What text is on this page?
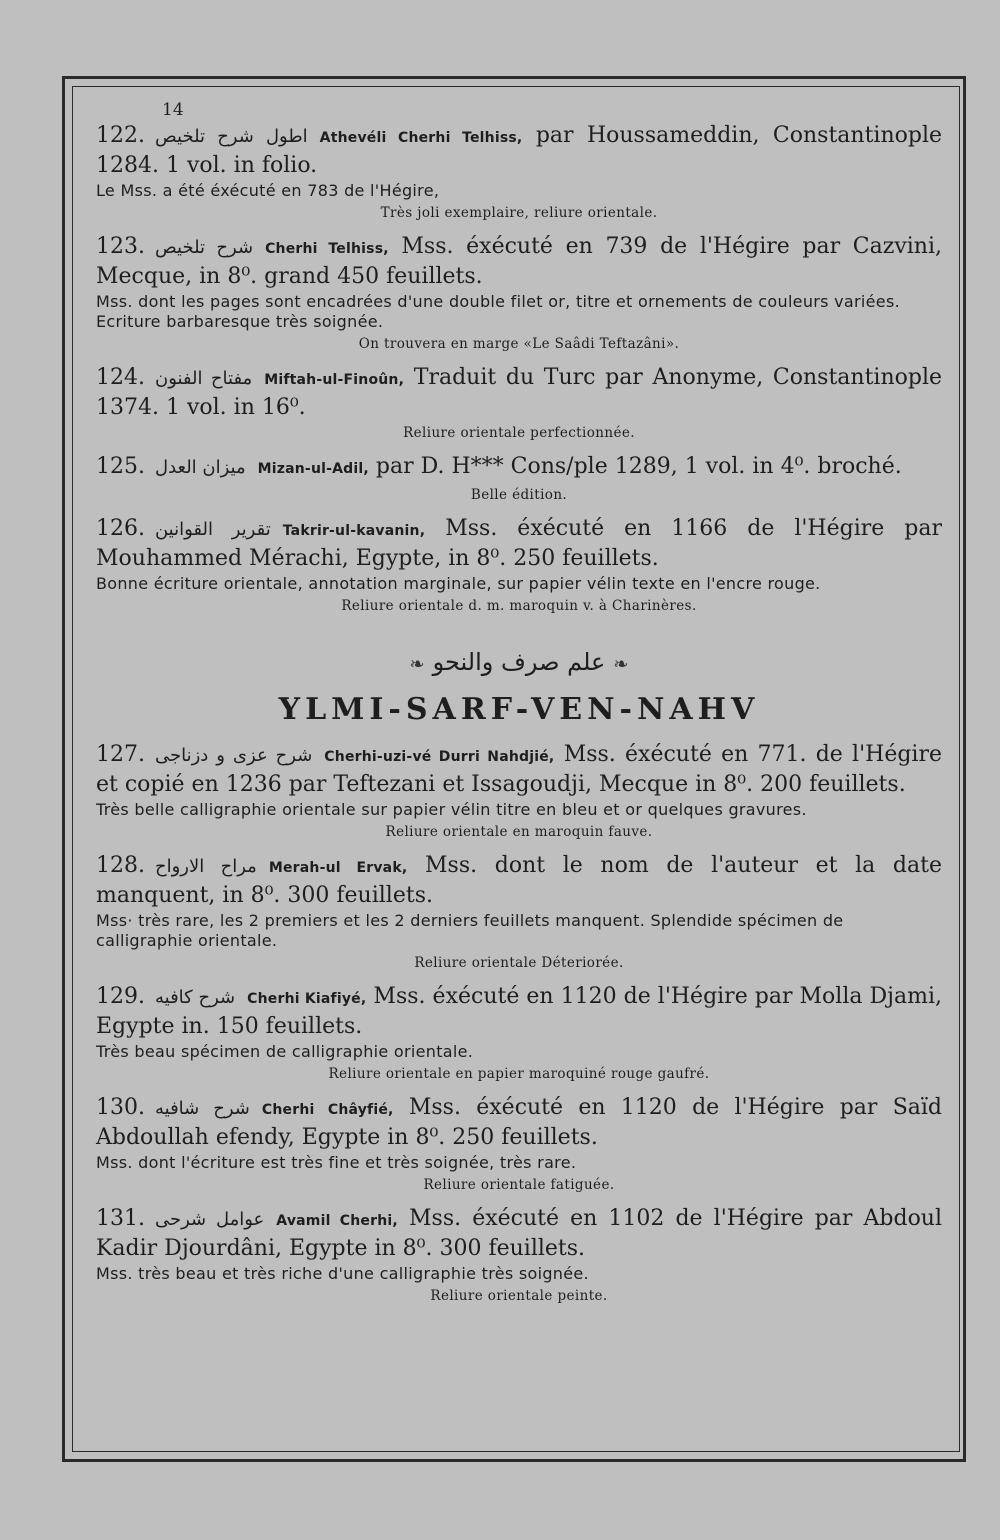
14
122. اطول شرح تلخيص Athevéli Cherhi Telhiss, par Houssameddin, Constantinople 1284. 1 vol. in folio.
Le Mss. a été éxécuté en 783 de l'Hégire,
Très joli exemplaire, reliure orientale.
123. شرح تلخيص Cherhi Telhiss, Mss. éxécuté en 739 de l'Hégire par Cazvini, Mecque, in 8⁰. grand 450 feuillets.
Mss. dont les pages sont encadrées d'une double filet or, titre et ornements de couleurs variées. Ecriture barbaresque très soignée.
On trouvera en marge «Le Saâdi Teftazâni».
124. مفتاح الفنون Miftah-ul-Finoûn, Traduit du Turc par Anonyme, Constantinople 1374. 1 vol. in 16⁰.
Reliure orientale perfectionnée.
125. ميزان العدل Mizan-ul-Adil, par D. H*** Cons/ple 1289, 1 vol. in 4⁰. broché.
Belle édition.
126. تقرير القوانين Takrir-ul-kavanin, Mss. éxécuté en 1166 de l'Hégire par Mouhammed Mérachi, Egypte, in 8⁰. 250 feuillets.
Bonne écriture orientale, annotation marginale, sur papier vélin texte en l'encre rouge.
Reliure orientale d. m. maroquin v. à Charinères.
❧ علم صرف والنحو ❧
YLMI-SARF-VEN-NAHV
127. شرح عزى و دزناجى Cherhi-uzi-vé Durri Nahdjié, Mss. éxécuté en 771. de l'Hégire et copié en 1236 par Teftezani et Issagoudji, Mecque in 8⁰. 200 feuillets.
Très belle calligraphie orientale sur papier vélin titre en bleu et or quelques gravures.
Reliure orientale en maroquin fauve.
128. مراح الارواح Merah-ul Ervak, Mss. dont le nom de l'auteur et la date manquent, in 8⁰. 300 feuillets.
Mss· très rare, les 2 premiers et les 2 derniers feuillets manquent. Splendide spécimen de calligraphie orientale.
Reliure orientale Déteriorée.
129. شرح كافيه Cherhi Kiafiyé, Mss. éxécuté en 1120 de l'Hégire par Molla Djami, Egypte in. 150 feuillets.
Très beau spécimen de calligraphie orientale.
Reliure orientale en papier maroquiné rouge gaufré.
130. شرح شافيه Cherhi Châyfié, Mss. éxécuté en 1120 de l'Hégire par Saïd Abdoullah efendy, Egypte in 8⁰. 250 feuillets.
Mss. dont l'écriture est très fine et très soignée, très rare.
Reliure orientale fatiguée.
131. عوامل شرحى Avamil Cherhi, Mss. éxécuté en 1102 de l'Hégire par Abdoul Kadir Djourdâni, Egypte in 8⁰. 300 feuillets.
Mss. très beau et très riche d'une calligraphie très soignée.
Reliure orientale peinte.
